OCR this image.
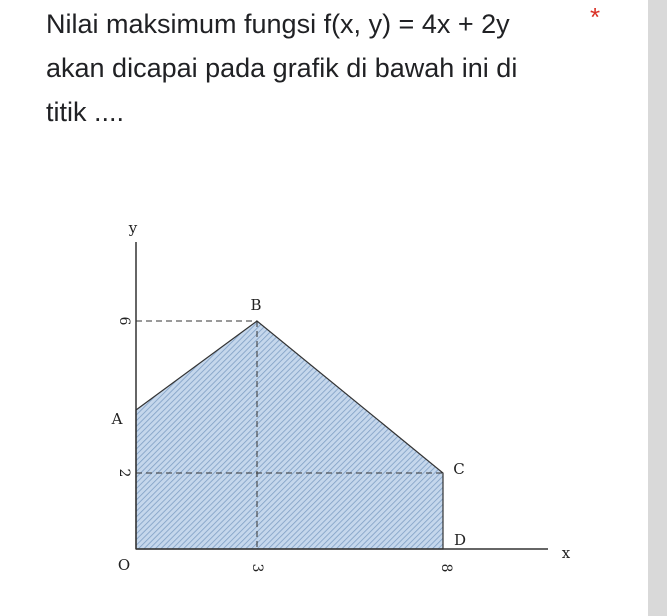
Nilai maksimum fungsi f(x, y) = 4x + 2y
akan dicapai pada grafik di bawah ini di
titik ....
*
y
x
O
6
2
3	8
A
B
C
D
